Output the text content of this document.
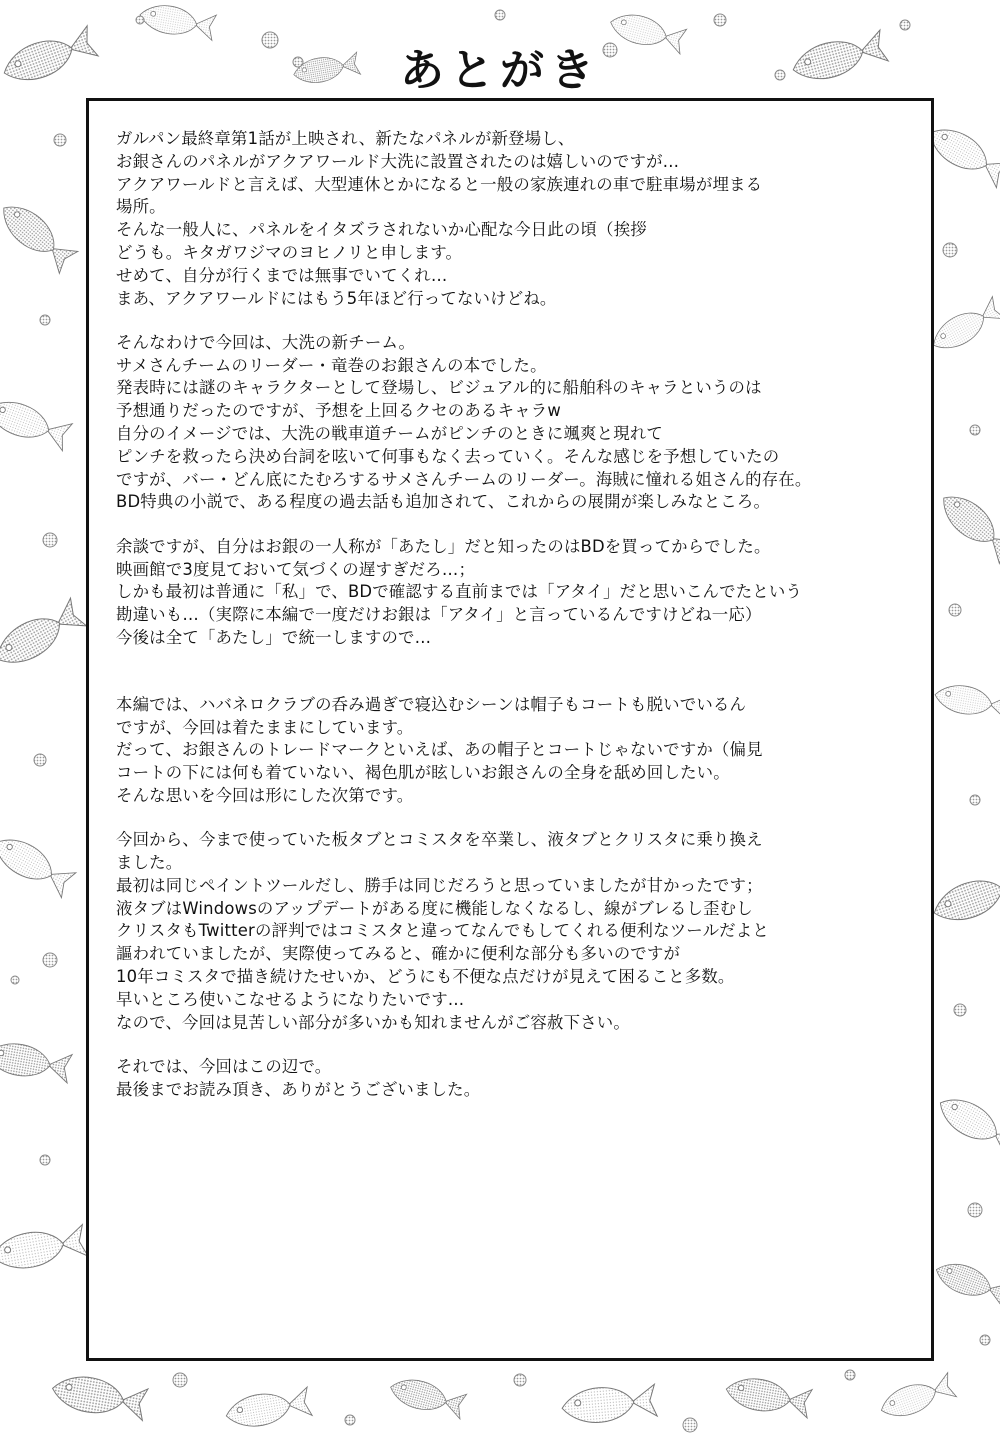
あとがき
ガルパン最終章第1話が上映され、新たなパネルが新登場し、
お銀さんのパネルがアクアワールド大洗に設置されたのは嬉しいのですが…
アクアワールドと言えば、大型連休とかになると一般の家族連れの車で駐車場が埋まる
場所。
そんな一般人に、パネルをイタズラされないか心配な今日此の頃（挨拶
どうも。キタガワジマのヨヒノリと申します。
せめて、自分が行くまでは無事でいてくれ…
まあ、アクアワールドにはもう5年ほど行ってないけどね。
そんなわけで今回は、大洗の新チーム。
サメさんチームのリーダー・竜巻のお銀さんの本でした。
発表時には謎のキャラクターとして登場し、ビジュアル的に船舶科のキャラというのは
予想通りだったのですが、予想を上回るクセのあるキャラw
自分のイメージでは、大洗の戦車道チームがピンチのときに颯爽と現れて
ピンチを救ったら決め台詞を呟いて何事もなく去っていく。そんな感じを予想していたの
ですが、バー・どん底にたむろするサメさんチームのリーダー。海賊に憧れる姐さん的存在。
BD特典の小説で、ある程度の過去話も追加されて、これからの展開が楽しみなところ。
余談ですが、自分はお銀の一人称が「あたし」だと知ったのはBDを買ってからでした。
映画館で3度見ておいて気づくの遅すぎだろ…；
しかも最初は普通に「私」で、BDで確認する直前までは「アタイ」だと思いこんでたという
勘違いも…（実際に本編で一度だけお銀は「アタイ」と言っているんですけどね一応）
今後は全て「あたし」で統一しますので…
本編では、ハバネロクラブの呑み過ぎで寝込むシーンは帽子もコートも脱いでいるん
ですが、今回は着たままにしています。
だって、お銀さんのトレードマークといえば、あの帽子とコートじゃないですか（偏見
コートの下には何も着ていない、褐色肌が眩しいお銀さんの全身を舐め回したい。
そんな思いを今回は形にした次第です。
今回から、今まで使っていた板タブとコミスタを卒業し、液タブとクリスタに乗り換え
ました。
最初は同じペイントツールだし、勝手は同じだろうと思っていましたが甘かったです；
液タブはWindowsのアップデートがある度に機能しなくなるし、線がブレるし歪むし
クリスタもTwitterの評判ではコミスタと違ってなんでもしてくれる便利なツールだよと
謳われていましたが、実際使ってみると、確かに便利な部分も多いのですが
10年コミスタで描き続けたせいか、どうにも不便な点だけが見えて困ること多数。
早いところ使いこなせるようになりたいです…
なので、今回は見苦しい部分が多いかも知れませんがご容赦下さい。
それでは、今回はこの辺で。
最後までお読み頂き、ありがとうございました。
